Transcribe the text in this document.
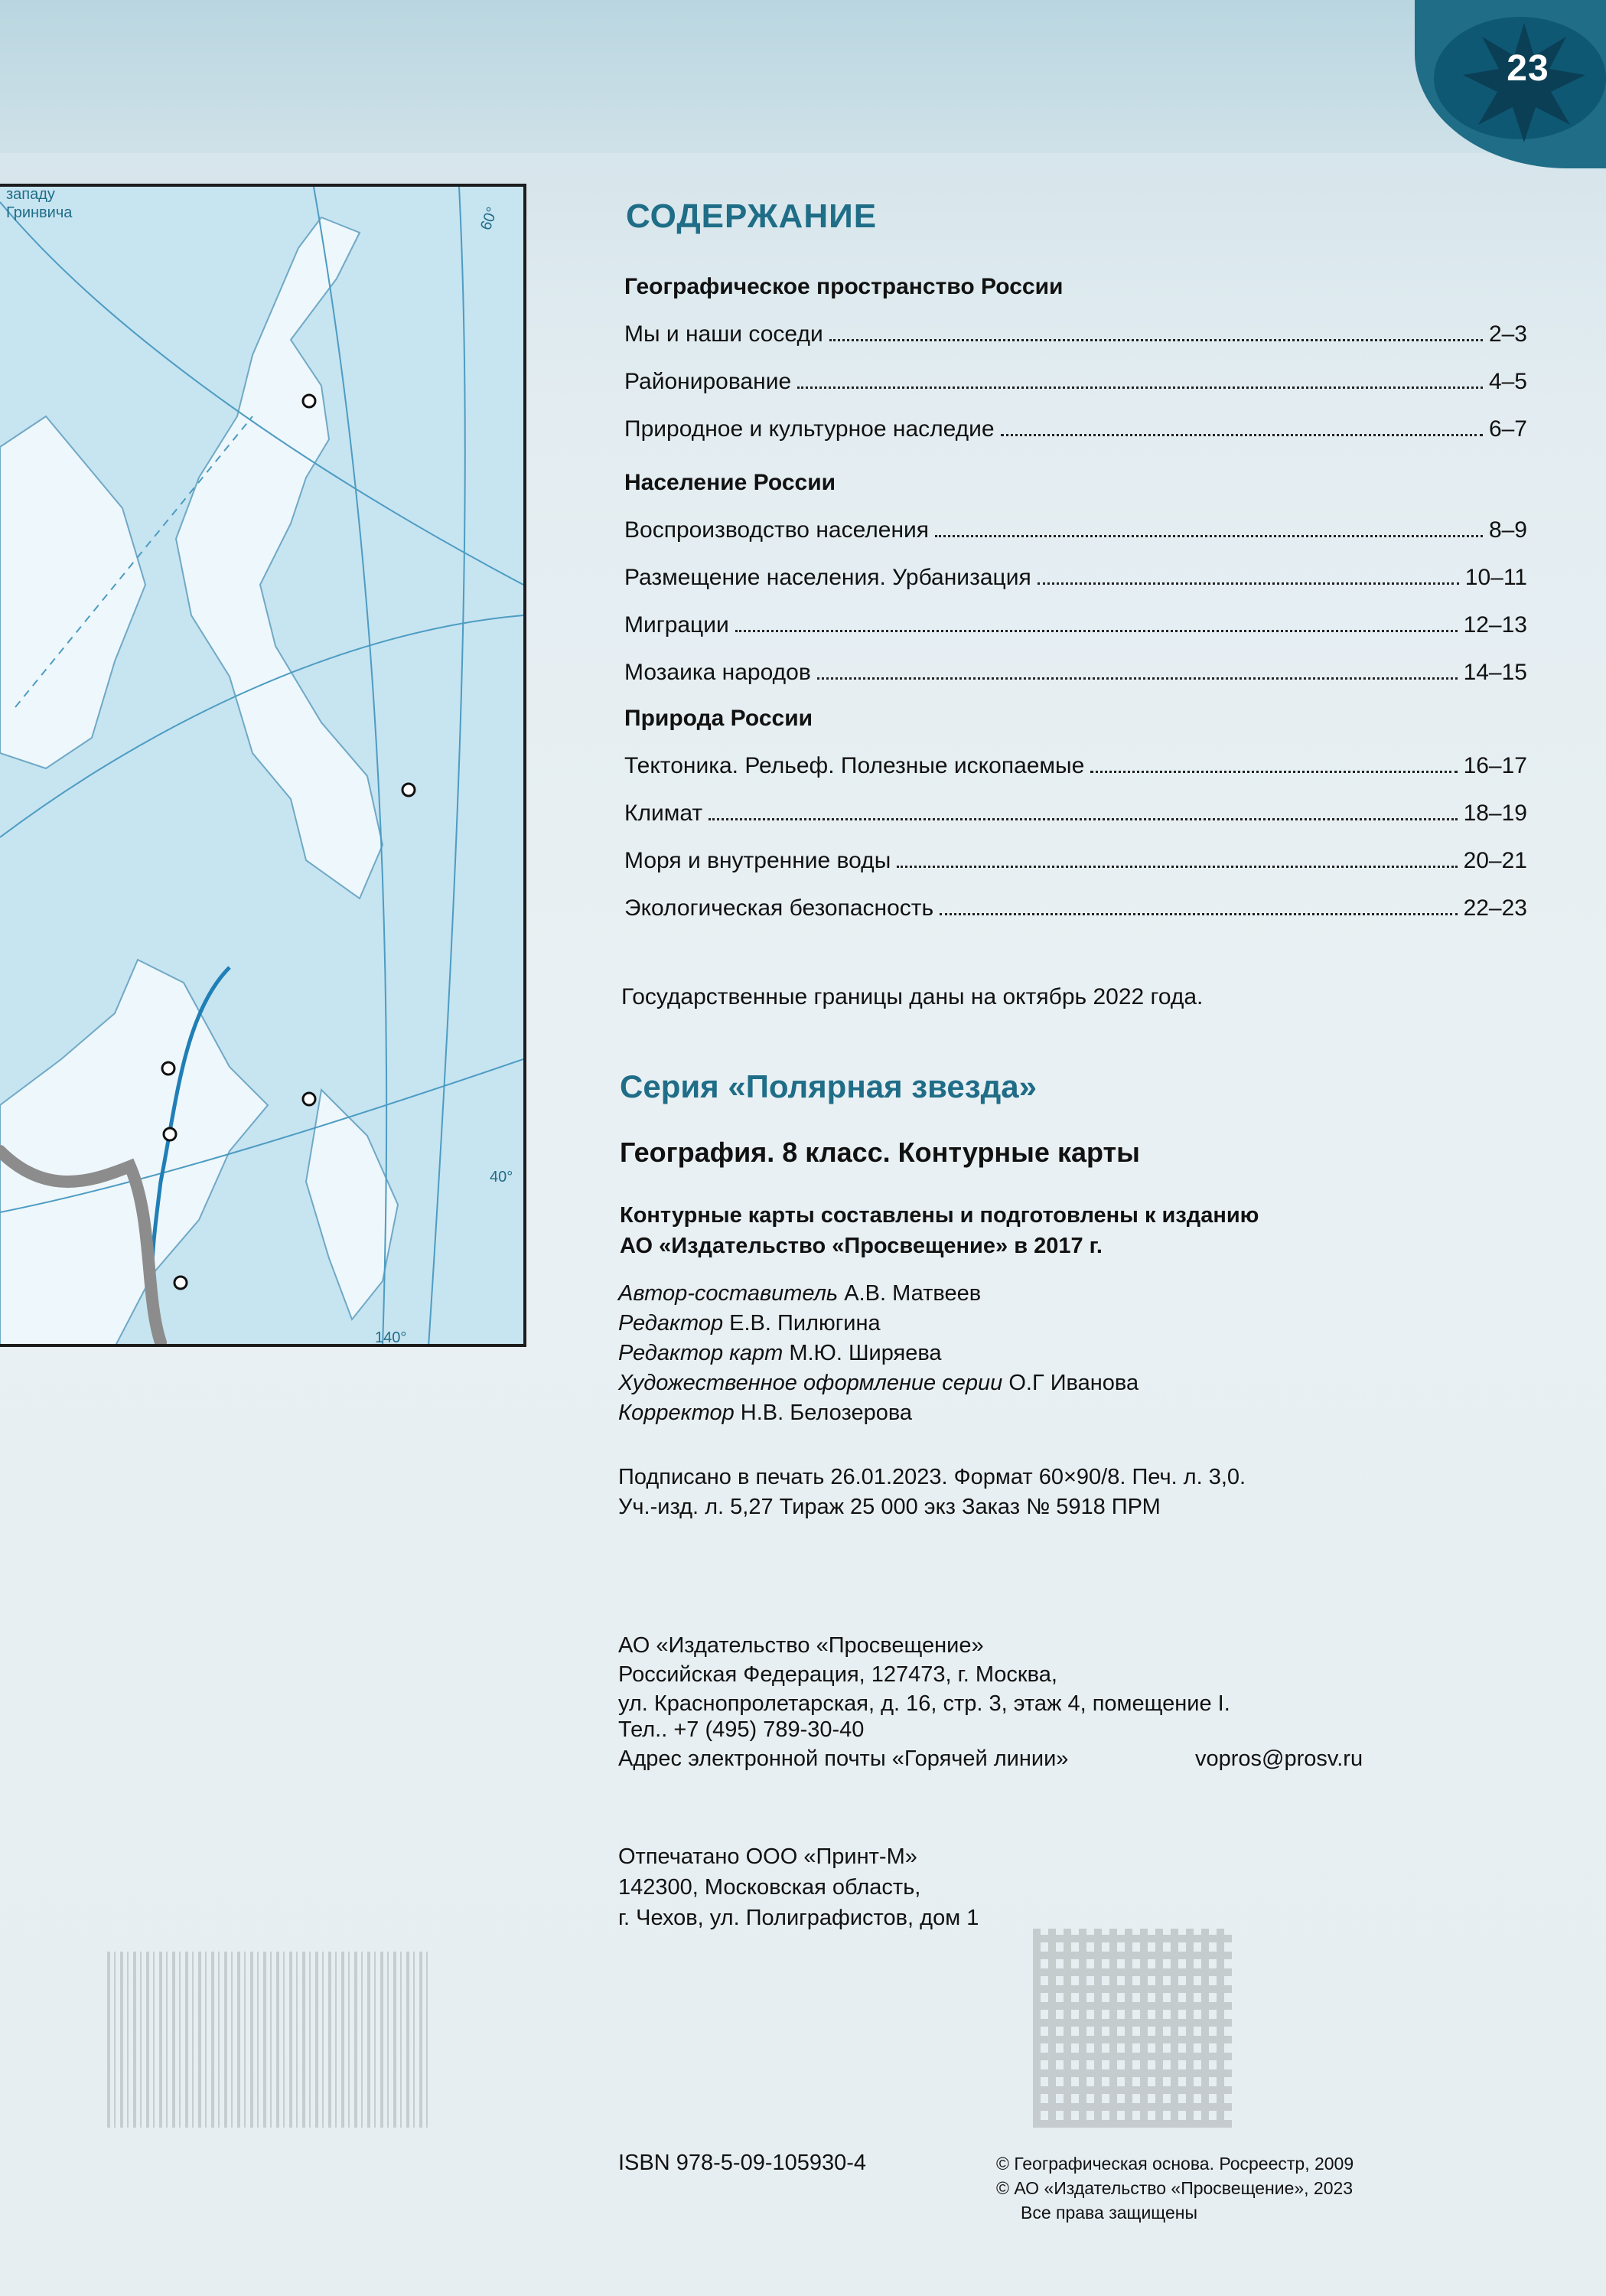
23
западу
Гринвича	60°
40°
140°
СОДЕРЖАНИЕ
Географическое пространство России
Мы и наши соседи	2–3
Районирование	4–5
Природное и культурное наследие	6–7
Население России
Воспроизводство населения	8–9
Размещение населения. Урбанизация	10–11
Миграции	12–13
Мозаика народов	14–15
Природа России
Тектоника. Рельеф. Полезные ископаемые	16–17
Климат	18–19
Моря и внутренние воды	20–21
Экологическая безопасность	22–23
Государственные границы даны на октябрь 2022 года.
Серия «Полярная звезда»
География. 8 класс. Контурные карты
Контурные карты составлены и подготовлены к изданию
АО «Издательство «Просвещение» в 2017 г.
Автор-составитель А.В. Матвеев
Редактор Е.В. Пилюгина
Редактор карт М.Ю. Ширяева
Художественное оформление серии О.Г Иванова
Корректор Н.В. Белозерова
Подписано в печать 26.01.2023. Формат 60×90/8. Печ. л. 3,0.
Уч.-изд. л. 5,27 Тираж 25 000 экз Заказ № 5918 ПРМ
АО «Издательство «Просвещение»
Российская Федерация, 127473, г. Москва,
ул. Краснопролетарская, д. 16, стр. 3, этаж 4, помещение I.
Тел.. +7 (495) 789-30-40
Адрес электронной почты «Горячей линии»	vopros@prosv.ru
Отпечатано ООО «Принт-М»
142300, Московская область,
г. Чехов, ул. Полиграфистов, дом 1
ISBN 978-5-09-105930-4	© Географическая основа. Росреестр, 2009
© АО «Издательство «Просвещение», 2023
Все права защищены
